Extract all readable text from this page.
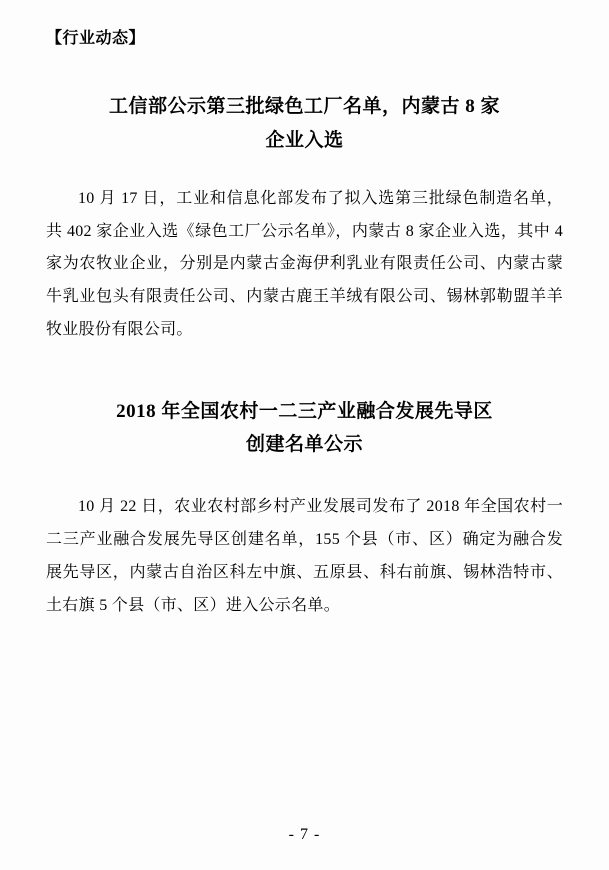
【行业动态】
工信部公示第三批绿色工厂名单，内蒙古 8 家
企业入选

10 月 17 日，工业和信息化部发布了拟入选第三批绿色制造名单，共 402 家企业入选《绿色工厂公示名单》，内蒙古 8 家企业入选，其中 4 家为农牧业企业，分别是内蒙古金海伊利乳业有限责任公司、内蒙古蒙牛乳业包头有限责任公司、内蒙古鹿王羊绒有限公司、锡林郭勒盟羊羊牧业股份有限公司。

2018 年全国农村一二三产业融合发展先导区
创建名单公示

10 月 22 日，农业农村部乡村产业发展司发布了 2018 年全国农村一二三产业融合发展先导区创建名单，155 个县（市、区）确定为融合发展先导区，内蒙古自治区科左中旗、五原县、科右前旗、锡林浩特市、土右旗 5 个县（市、区）进入公示名单。

- 7 -
